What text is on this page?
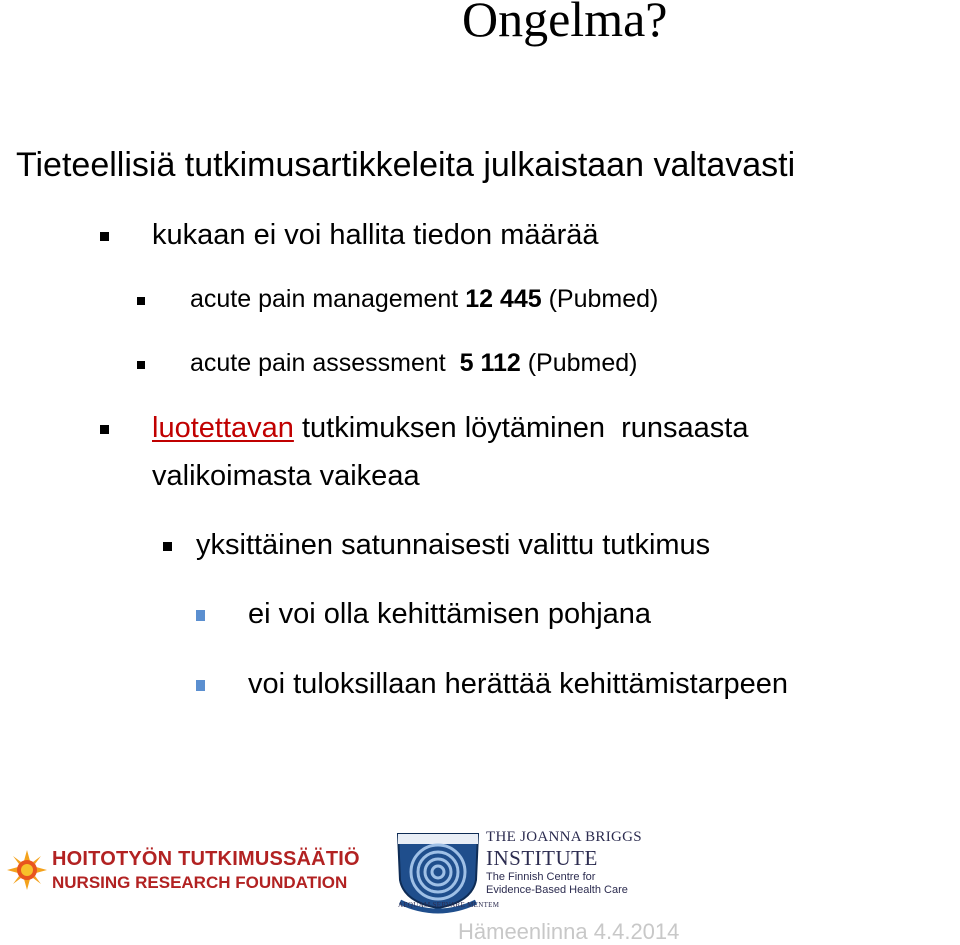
Ongelma?
Tieteellisiä tutkimusartikkeleita julkaistaan valtavasti
kukaan ei voi hallita tiedon määrää
acute pain management 12 445 (Pubmed)
acute pain assessment  5 112 (Pubmed)
luotettavan tutkimuksen löytäminen  runsaasta
valikoimasta vaikeaa
yksittäinen satunnaisesti valittu tutkimus
ei voi olla kehittämisen pohjana
voi tuloksillaan herättää kehittämistarpeen
HOITOTYÖN TUTKIMUSSÄÄTIÖ
NURSING RESEARCH FOUNDATION
AEQUAM SERVARE MENTEM
THE JOANNA BRIGGS
INSTITUTE
The Finnish Centre for
Evidence-Based Health Care
Hämeenlinna 4.4.2014
